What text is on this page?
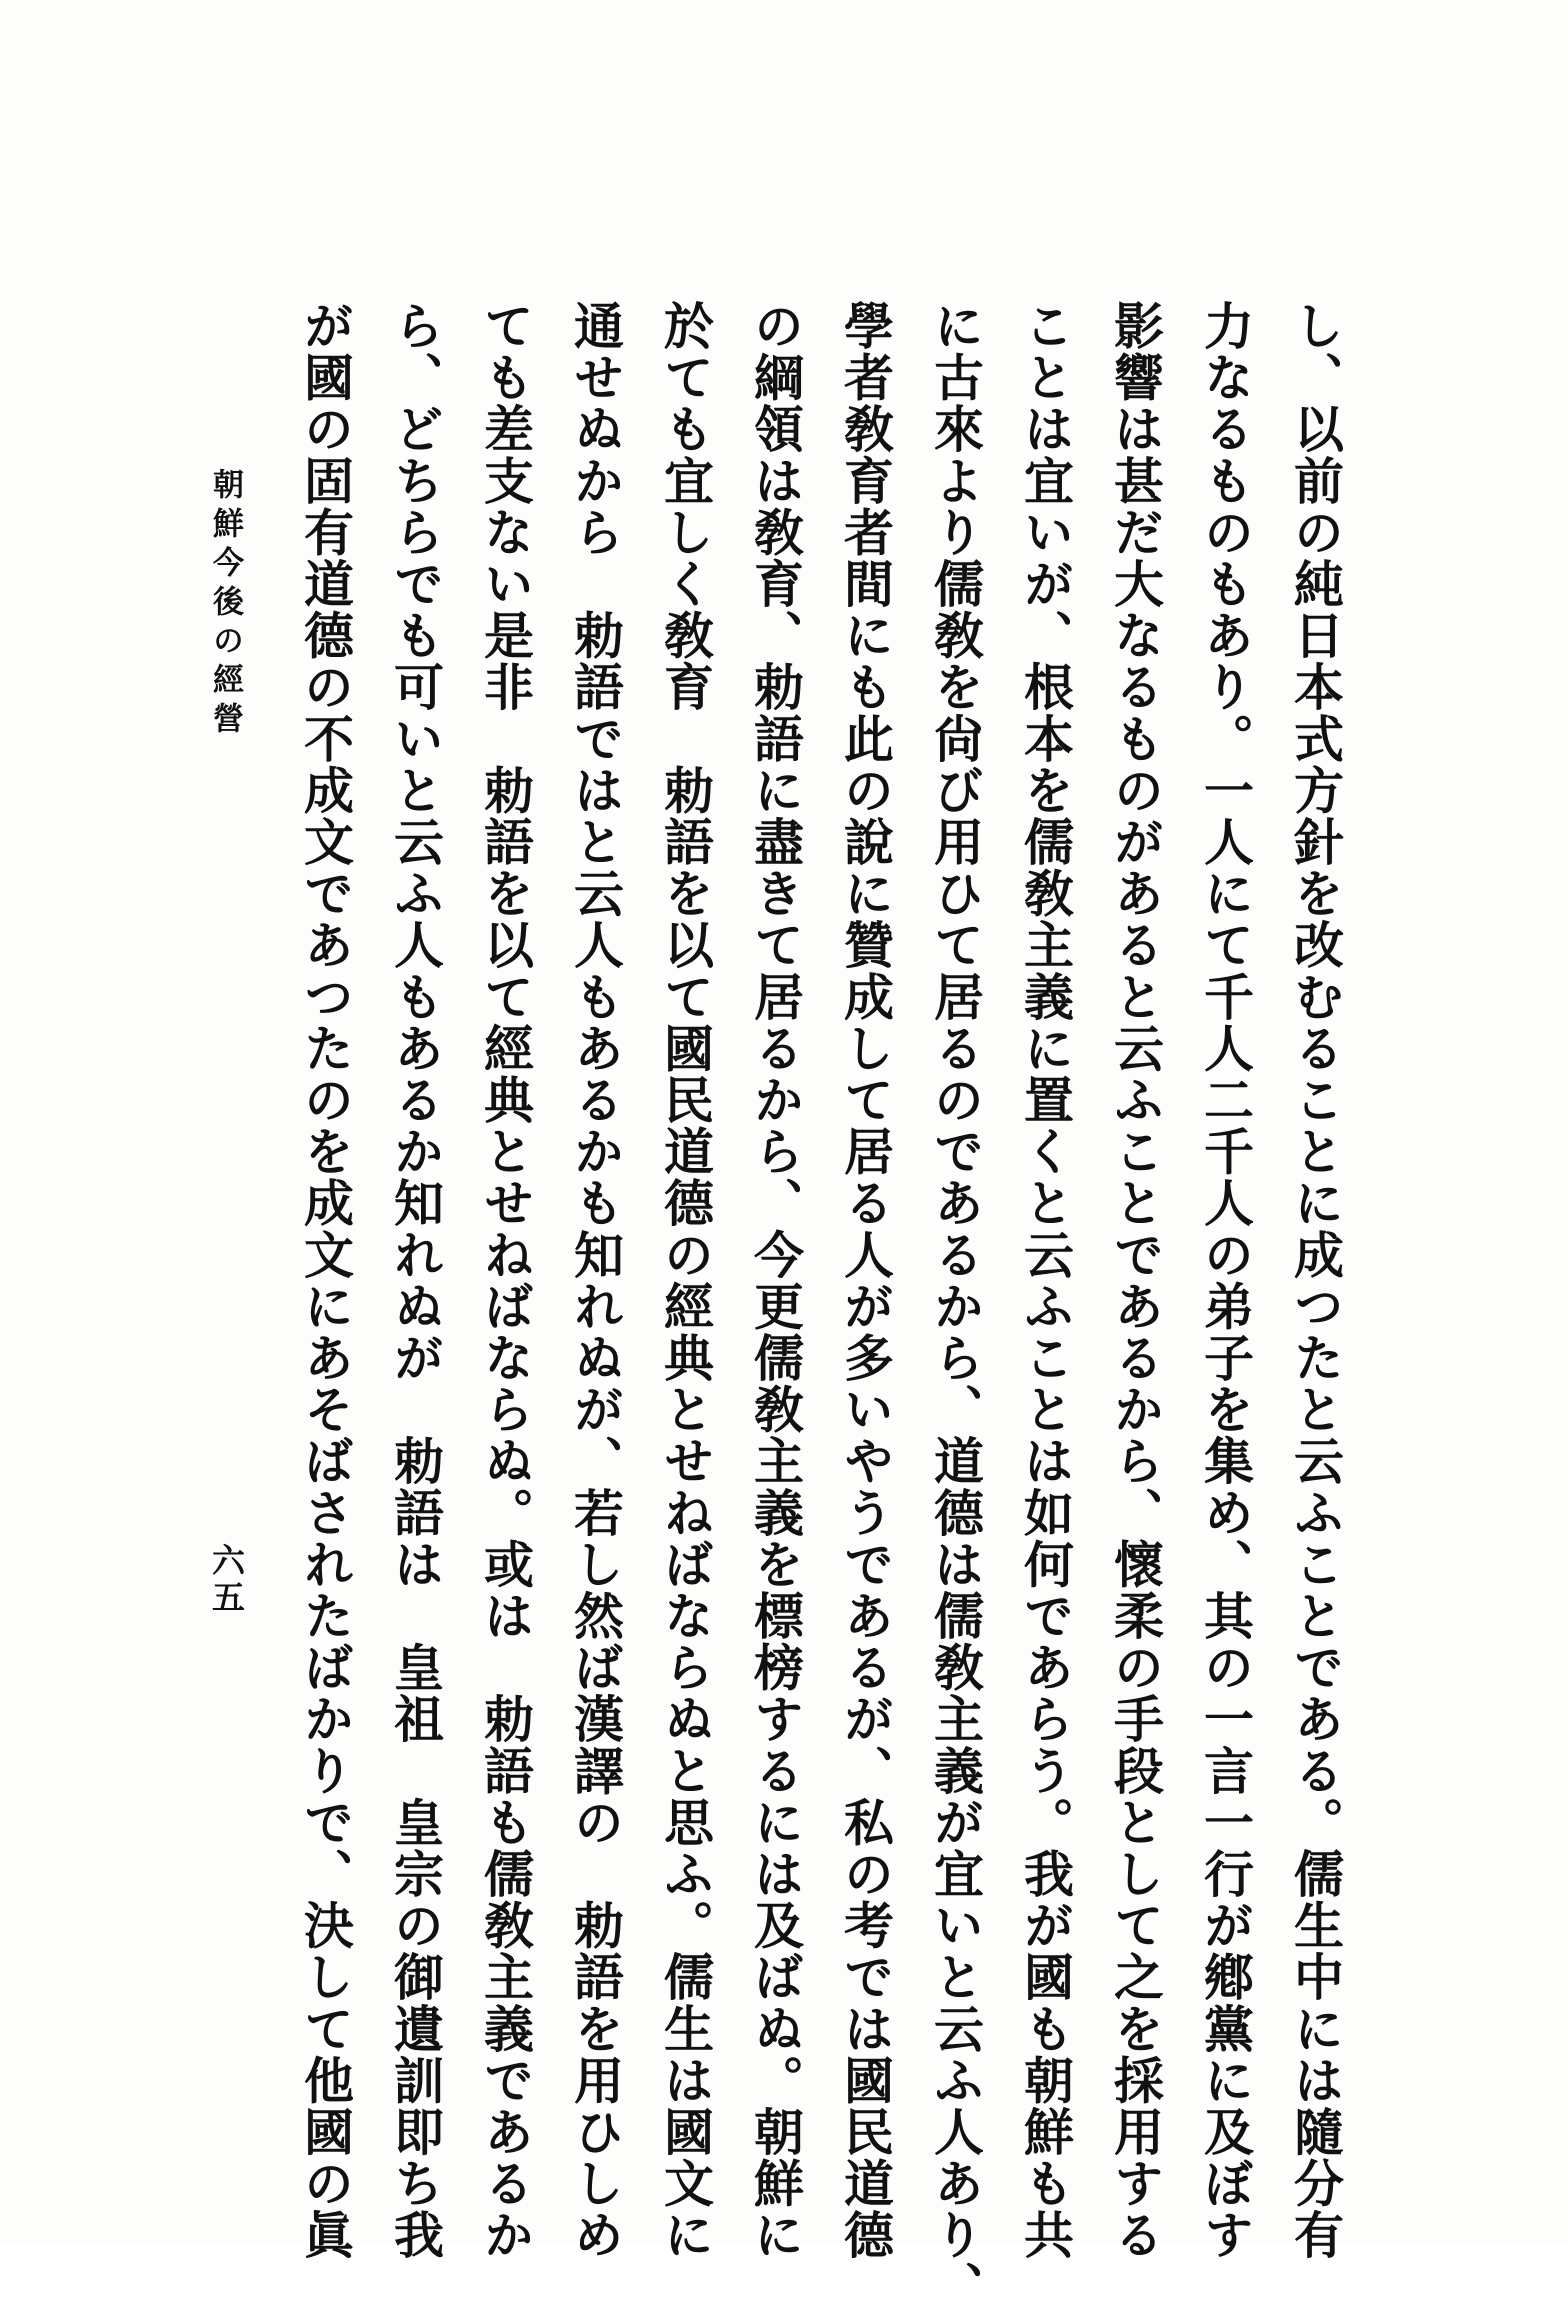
朝鮮今後の經營
六五	し、以前の純日本式方針を改むることに成つたと云ふことである。儒生中には隨分有
力なるものもあり。一人にて千人二千人の弟子を集め、其の一言一行が鄕黨に及ぼす
影響は甚だ大なるものがあると云ふことであるから、懷柔の手段として之を採用する
ことは宜いが、根本を儒敎主義に置くと云ふことは如何であらう。我が國も朝鮮も共
に古來より儒敎を尙び用ひて居るのであるから、道德は儒敎主義が宜いと云ふ人あり、
學者敎育者間にも此の說に贊成して居る人が多いやうであるが、私の考では國民道德
の綱領は敎育、勅語に盡きて居るから、今更儒敎主義を標榜するには及ばぬ。朝鮮に
於ても宜しく敎育　勅語を以て國民道德の經典とせねばならぬと思ふ。儒生は國文に
通せぬから　勅語ではと云人もあるかも知れぬが、若し然ば漢譯の　勅語を用ひしめ
ても差支ない是非　勅語を以て經典とせねばならぬ。或は　勅語も儒敎主義であるか
ら、どちらでも可いと云ふ人もあるか知れぬが　勅語は　皇祖　皇宗の御遺訓即ち我
が國の固有道德の不成文であつたのを成文にあそばされたばかりで、決して他國の眞
